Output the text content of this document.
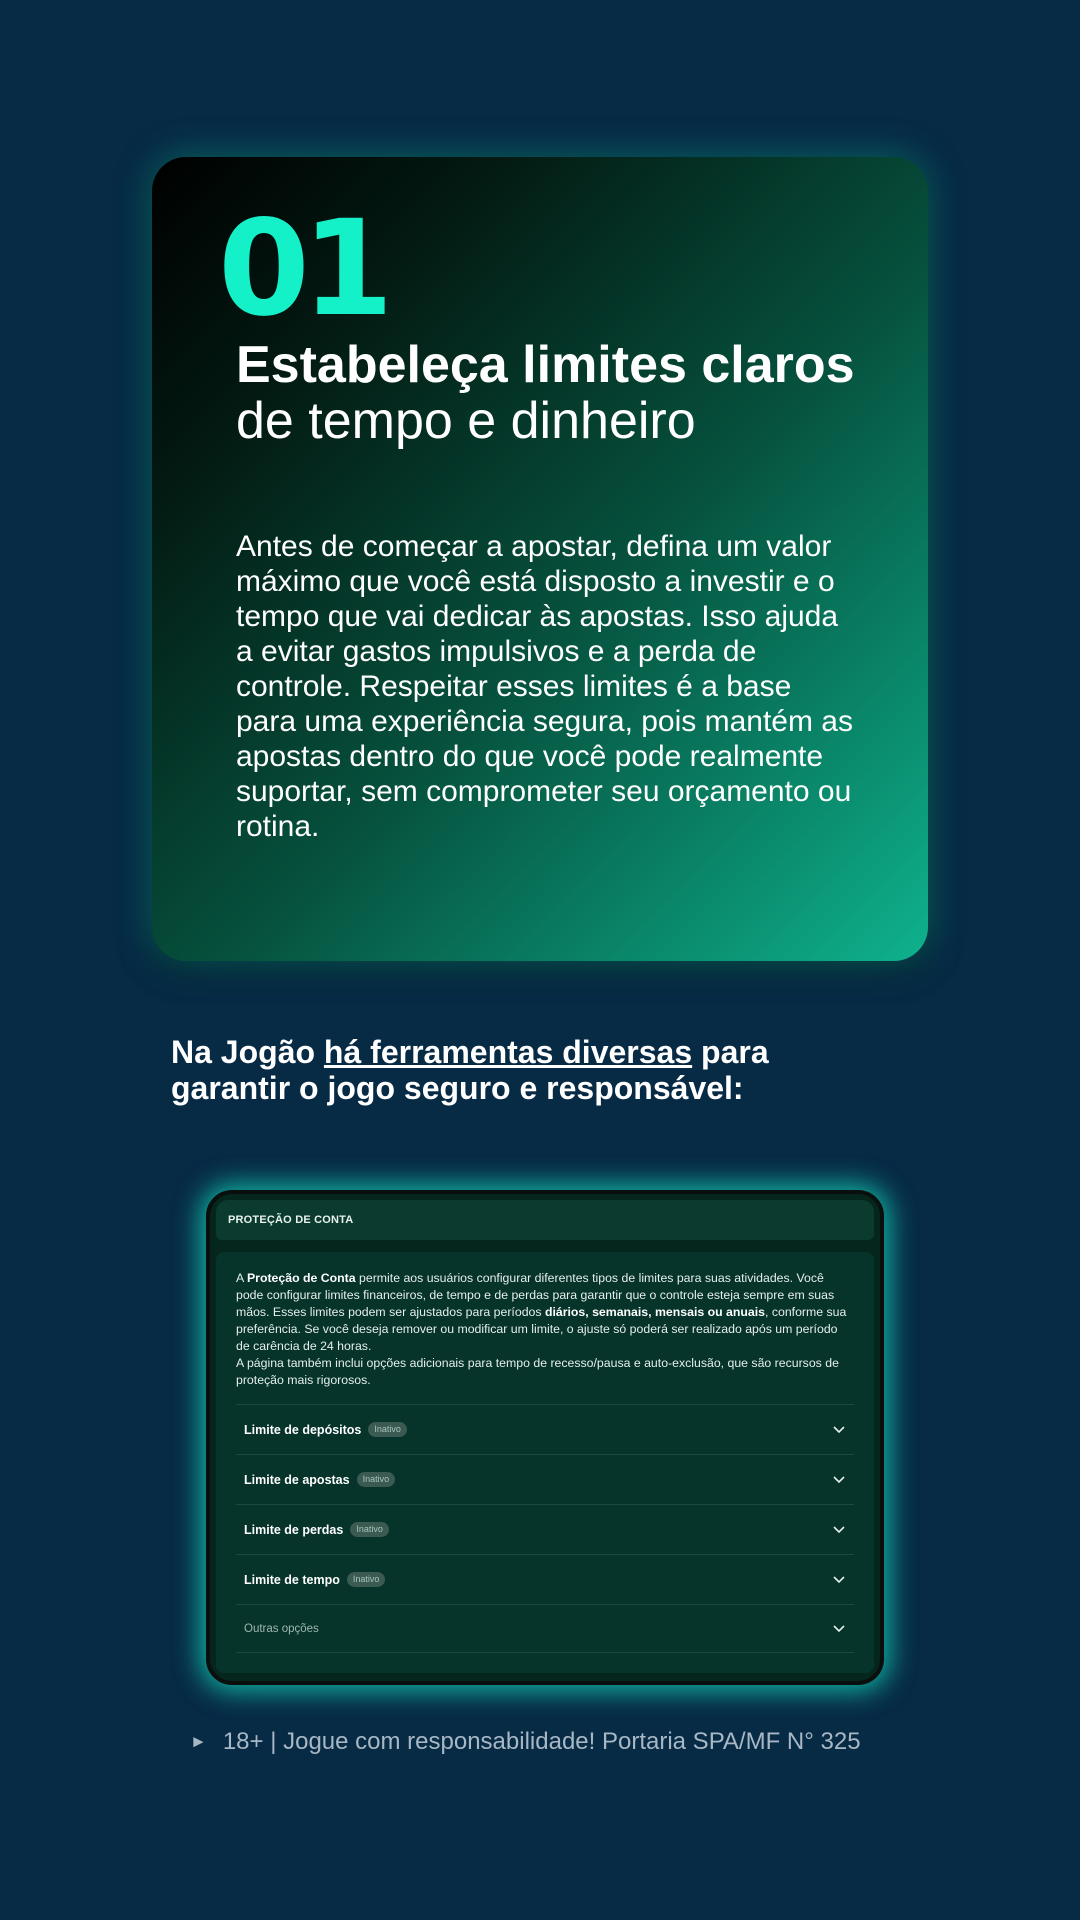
01
Estabeleça limites claros de tempo e dinheiro

Antes de começar a apostar, defina um valor máximo que você está disposto a investir e o tempo que vai dedicar às apostas. Isso ajuda a evitar gastos impulsivos e a perda de controle. Respeitar esses limites é a base para uma experiência segura, pois mantém as apostas dentro do que você pode realmente suportar, sem comprometer seu orçamento ou rotina.

Na Jogão há ferramentas diversas para garantir o jogo seguro e responsável:
PROTEÇÃO DE CONTA

A Proteção de Conta permite aos usuários configurar diferentes tipos de limites para suas atividades. Você pode configurar limites financeiros, de tempo e de perdas para garantir que o controle esteja sempre em suas mãos. Esses limites podem ser ajustados para períodos diários, semanais, mensais ou anuais, conforme sua preferência. Se você deseja remover ou modificar um limite, o ajuste só poderá ser realizado após um período de carência de 24 horas.
A página também inclui opções adicionais para tempo de recesso/pausa e auto-exclusão, que são recursos de proteção mais rigorosos.

Limite de depósitos	Inativo
Limite de apostas	Inativo
Limite de perdas	Inativo
Limite de tempo	Inativo
Outras opções
► 18+ | Jogue com responsabilidade! Portaria SPA/MF N° 325
